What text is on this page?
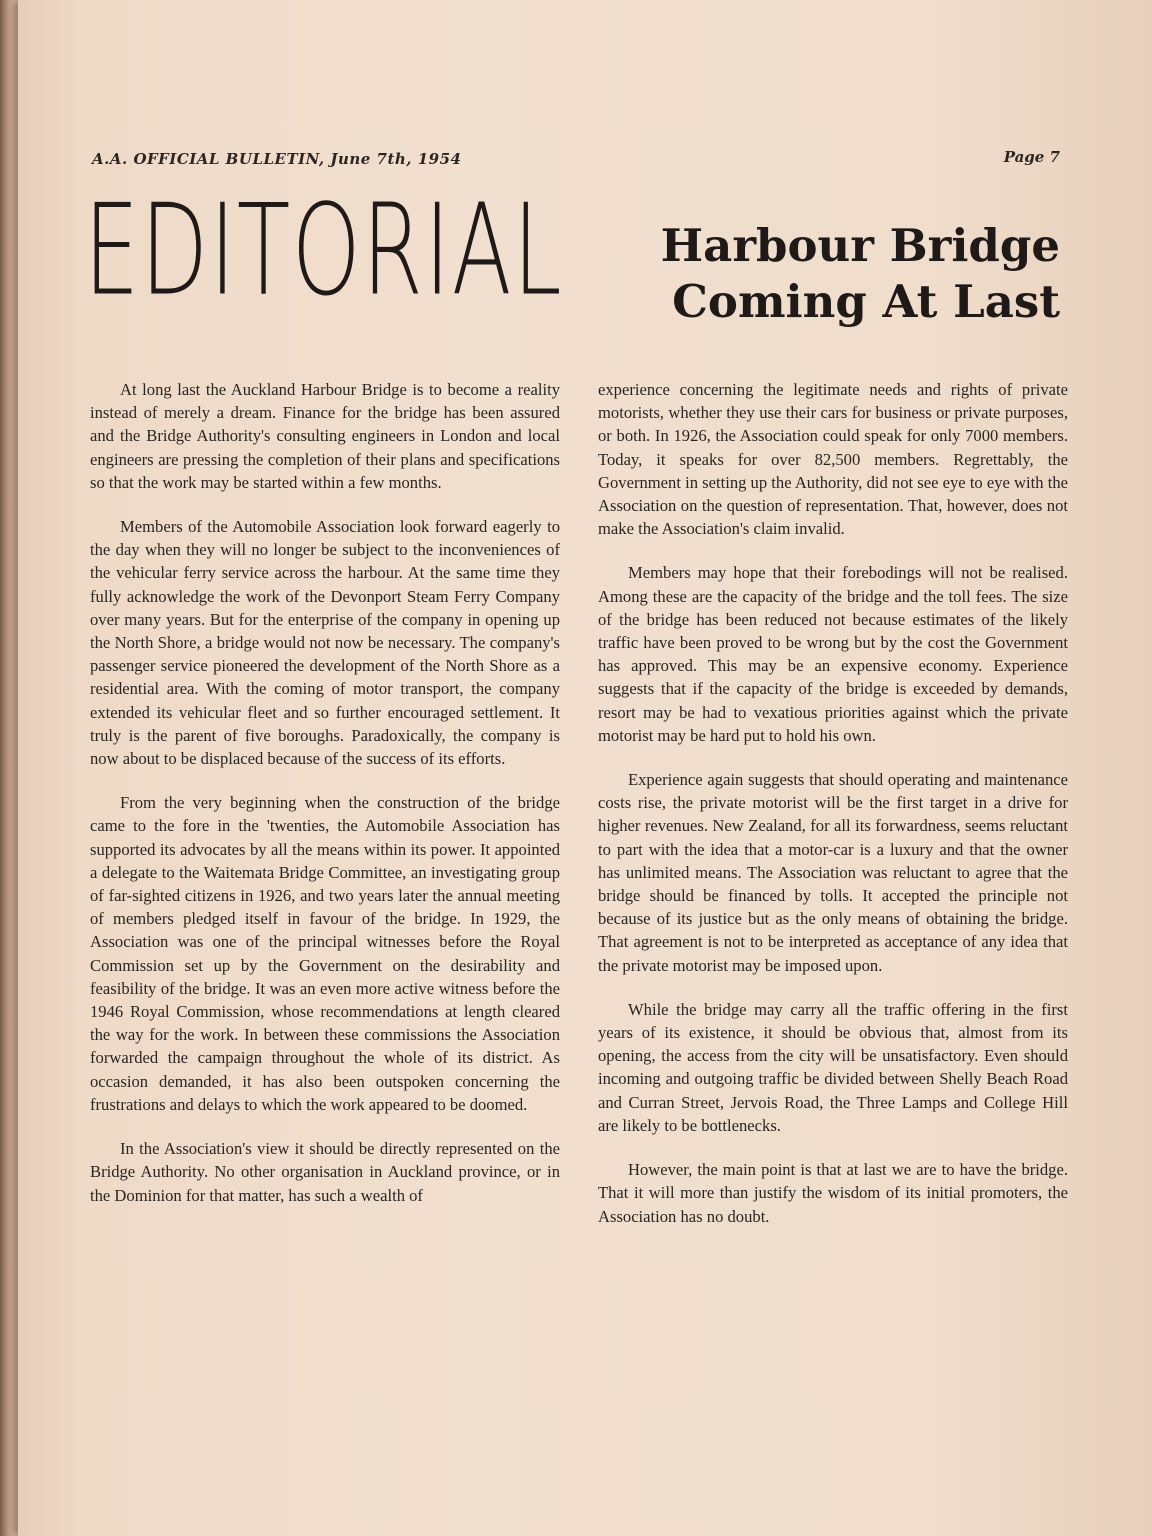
A.A. OFFICIAL BULLETIN, June 7th, 1954	Page 7
EDITORIAL Harbour Bridge
Coming At Last

At long last the Auckland Harbour Bridge is to become a reality instead of merely a dream. Finance for the bridge has been assured and the Bridge Authority's consulting engineers in London and local engineers are pressing the completion of their plans and specifications so that the work may be started within a few months.

Members of the Automobile Association look forward eagerly to the day when they will no longer be subject to the inconveniences of the vehicular ferry service across the harbour. At the same time they fully acknowledge the work of the Devonport Steam Ferry Company over many years. But for the enterprise of the company in opening up the North Shore, a bridge would not now be necessary. The company's passenger service pioneered the development of the North Shore as a residential area. With the coming of motor transport, the company extended its vehicular fleet and so further encouraged settlement. It truly is the parent of five boroughs. Paradoxically, the company is now about to be displaced because of the success of its efforts.

From the very beginning when the construction of the bridge came to the fore in the 'twenties, the Automobile Association has supported its advocates by all the means within its power. It appointed a delegate to the Waitemata Bridge Committee, an investigating group of far-sighted citizens in 1926, and two years later the annual meeting of members pledged itself in favour of the bridge. In 1929, the Association was one of the principal witnesses before the Royal Commission set up by the Government on the desirability and feasibility of the bridge. It was an even more active witness before the 1946 Royal Commission, whose recommendations at length cleared the way for the work. In between these commissions the Association forwarded the campaign throughout the whole of its district. As occasion demanded, it has also been outspoken concerning the frustrations and delays to which the work appeared to be doomed.

In the Association's view it should be directly represented on the Bridge Authority. No other organisation in Auckland province, or in the Dominion for that matter, has such a wealth of

experience concerning the legitimate needs and rights of private motorists, whether they use their cars for business or private purposes, or both. In 1926, the Association could speak for only 7000 members. Today, it speaks for over 82,500 members. Regrettably, the Government in setting up the Authority, did not see eye to eye with the Association on the question of representation. That, however, does not make the Association's claim invalid.

Members may hope that their forebodings will not be realised. Among these are the capacity of the bridge and the toll fees. The size of the bridge has been reduced not because estimates of the likely traffic have been proved to be wrong but by the cost the Government has approved. This may be an expensive economy. Experience suggests that if the capacity of the bridge is exceeded by demands, resort may be had to vexatious priorities against which the private motorist may be hard put to hold his own.

Experience again suggests that should operating and maintenance costs rise, the private motorist will be the first target in a drive for higher revenues. New Zealand, for all its forwardness, seems reluctant to part with the idea that a motor-car is a luxury and that the owner has unlimited means. The Association was reluctant to agree that the bridge should be financed by tolls. It accepted the principle not because of its justice but as the only means of obtaining the bridge. That agreement is not to be interpreted as acceptance of any idea that the private motorist may be imposed upon.

While the bridge may carry all the traffic offering in the first years of its existence, it should be obvious that, almost from its opening, the access from the city will be unsatisfactory. Even should incoming and outgoing traffic be divided between Shelly Beach Road and Curran Street, Jervois Road, the Three Lamps and College Hill are likely to be bottlenecks.

However, the main point is that at last we are to have the bridge. That it will more than justify the wisdom of its initial promoters, the Association has no doubt.
